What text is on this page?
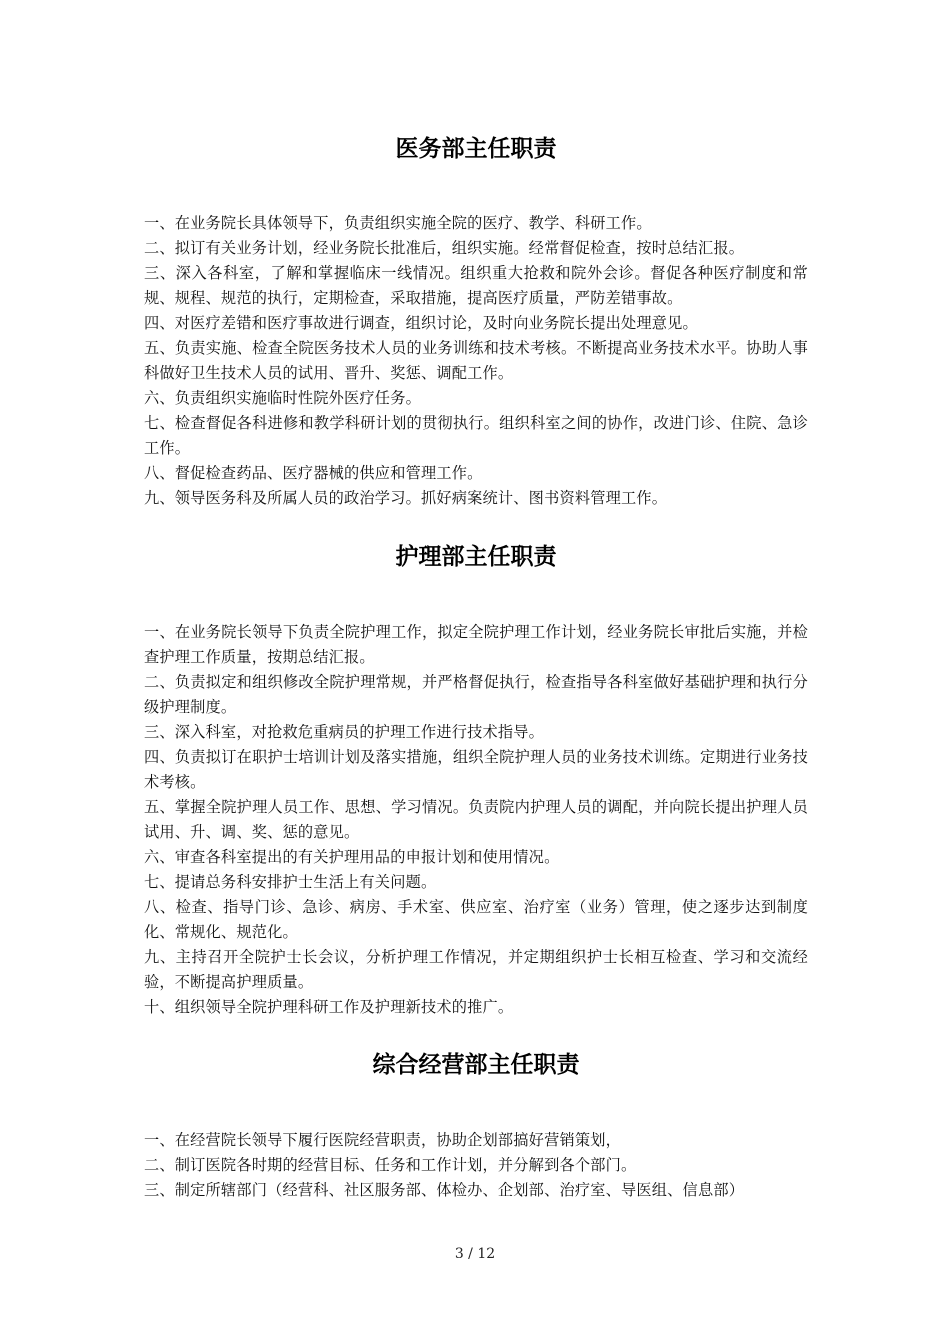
医务部主任职责

一、在业务院长具体领导下，负责组织实施全院的医疗、教学、科研工作。

二、拟订有关业务计划，经业务院长批准后，组织实施。经常督促检查，按时总结汇报。

三、深入各科室，了解和掌握临床一线情况。组织重大抢救和院外会诊。督促各种医疗制度和常规、规程、规范的执行，定期检查，采取措施，提高医疗质量，严防差错事故。

四、对医疗差错和医疗事故进行调查，组织讨论，及时向业务院长提出处理意见。

五、负责实施、检查全院医务技术人员的业务训练和技术考核。不断提高业务技术水平。协助人事科做好卫生技术人员的试用、晋升、奖惩、调配工作。

六、负责组织实施临时性院外医疗任务。

七、检查督促各科进修和教学科研计划的贯彻执行。组织科室之间的协作，改进门诊、住院、急诊工作。

八、督促检查药品、医疗器械的供应和管理工作。

九、领导医务科及所属人员的政治学习。抓好病案统计、图书资料管理工作。

护理部主任职责

一、在业务院长领导下负责全院护理工作，拟定全院护理工作计划，经业务院长审批后实施，并检查护理工作质量，按期总结汇报。

二、负责拟定和组织修改全院护理常规，并严格督促执行，检查指导各科室做好基础护理和执行分级护理制度。

三、深入科室，对抢救危重病员的护理工作进行技术指导。

四、负责拟订在职护士培训计划及落实措施，组织全院护理人员的业务技术训练。定期进行业务技术考核。

五、掌握全院护理人员工作、思想、学习情况。负责院内护理人员的调配，并向院长提出护理人员试用、升、调、奖、惩的意见。

六、审查各科室提出的有关护理用品的申报计划和使用情况。

七、提请总务科安排护士生活上有关问题。

八、检查、指导门诊、急诊、病房、手术室、供应室、治疗室（业务）管理，使之逐步达到制度化、常规化、规范化。

九、主持召开全院护士长会议，分析护理工作情况，并定期组织护士长相互检查、学习和交流经验，不断提高护理质量。

十、组织领导全院护理科研工作及护理新技术的推广。

综合经营部主任职责

一、在经营院长领导下履行医院经营职责，协助企划部搞好营销策划，

二、制订医院各时期的经营目标、任务和工作计划，并分解到各个部门。

三、制定所辖部门（经营科、社区服务部、体检办、企划部、治疗室、导医组、信息部）

3 / 12
